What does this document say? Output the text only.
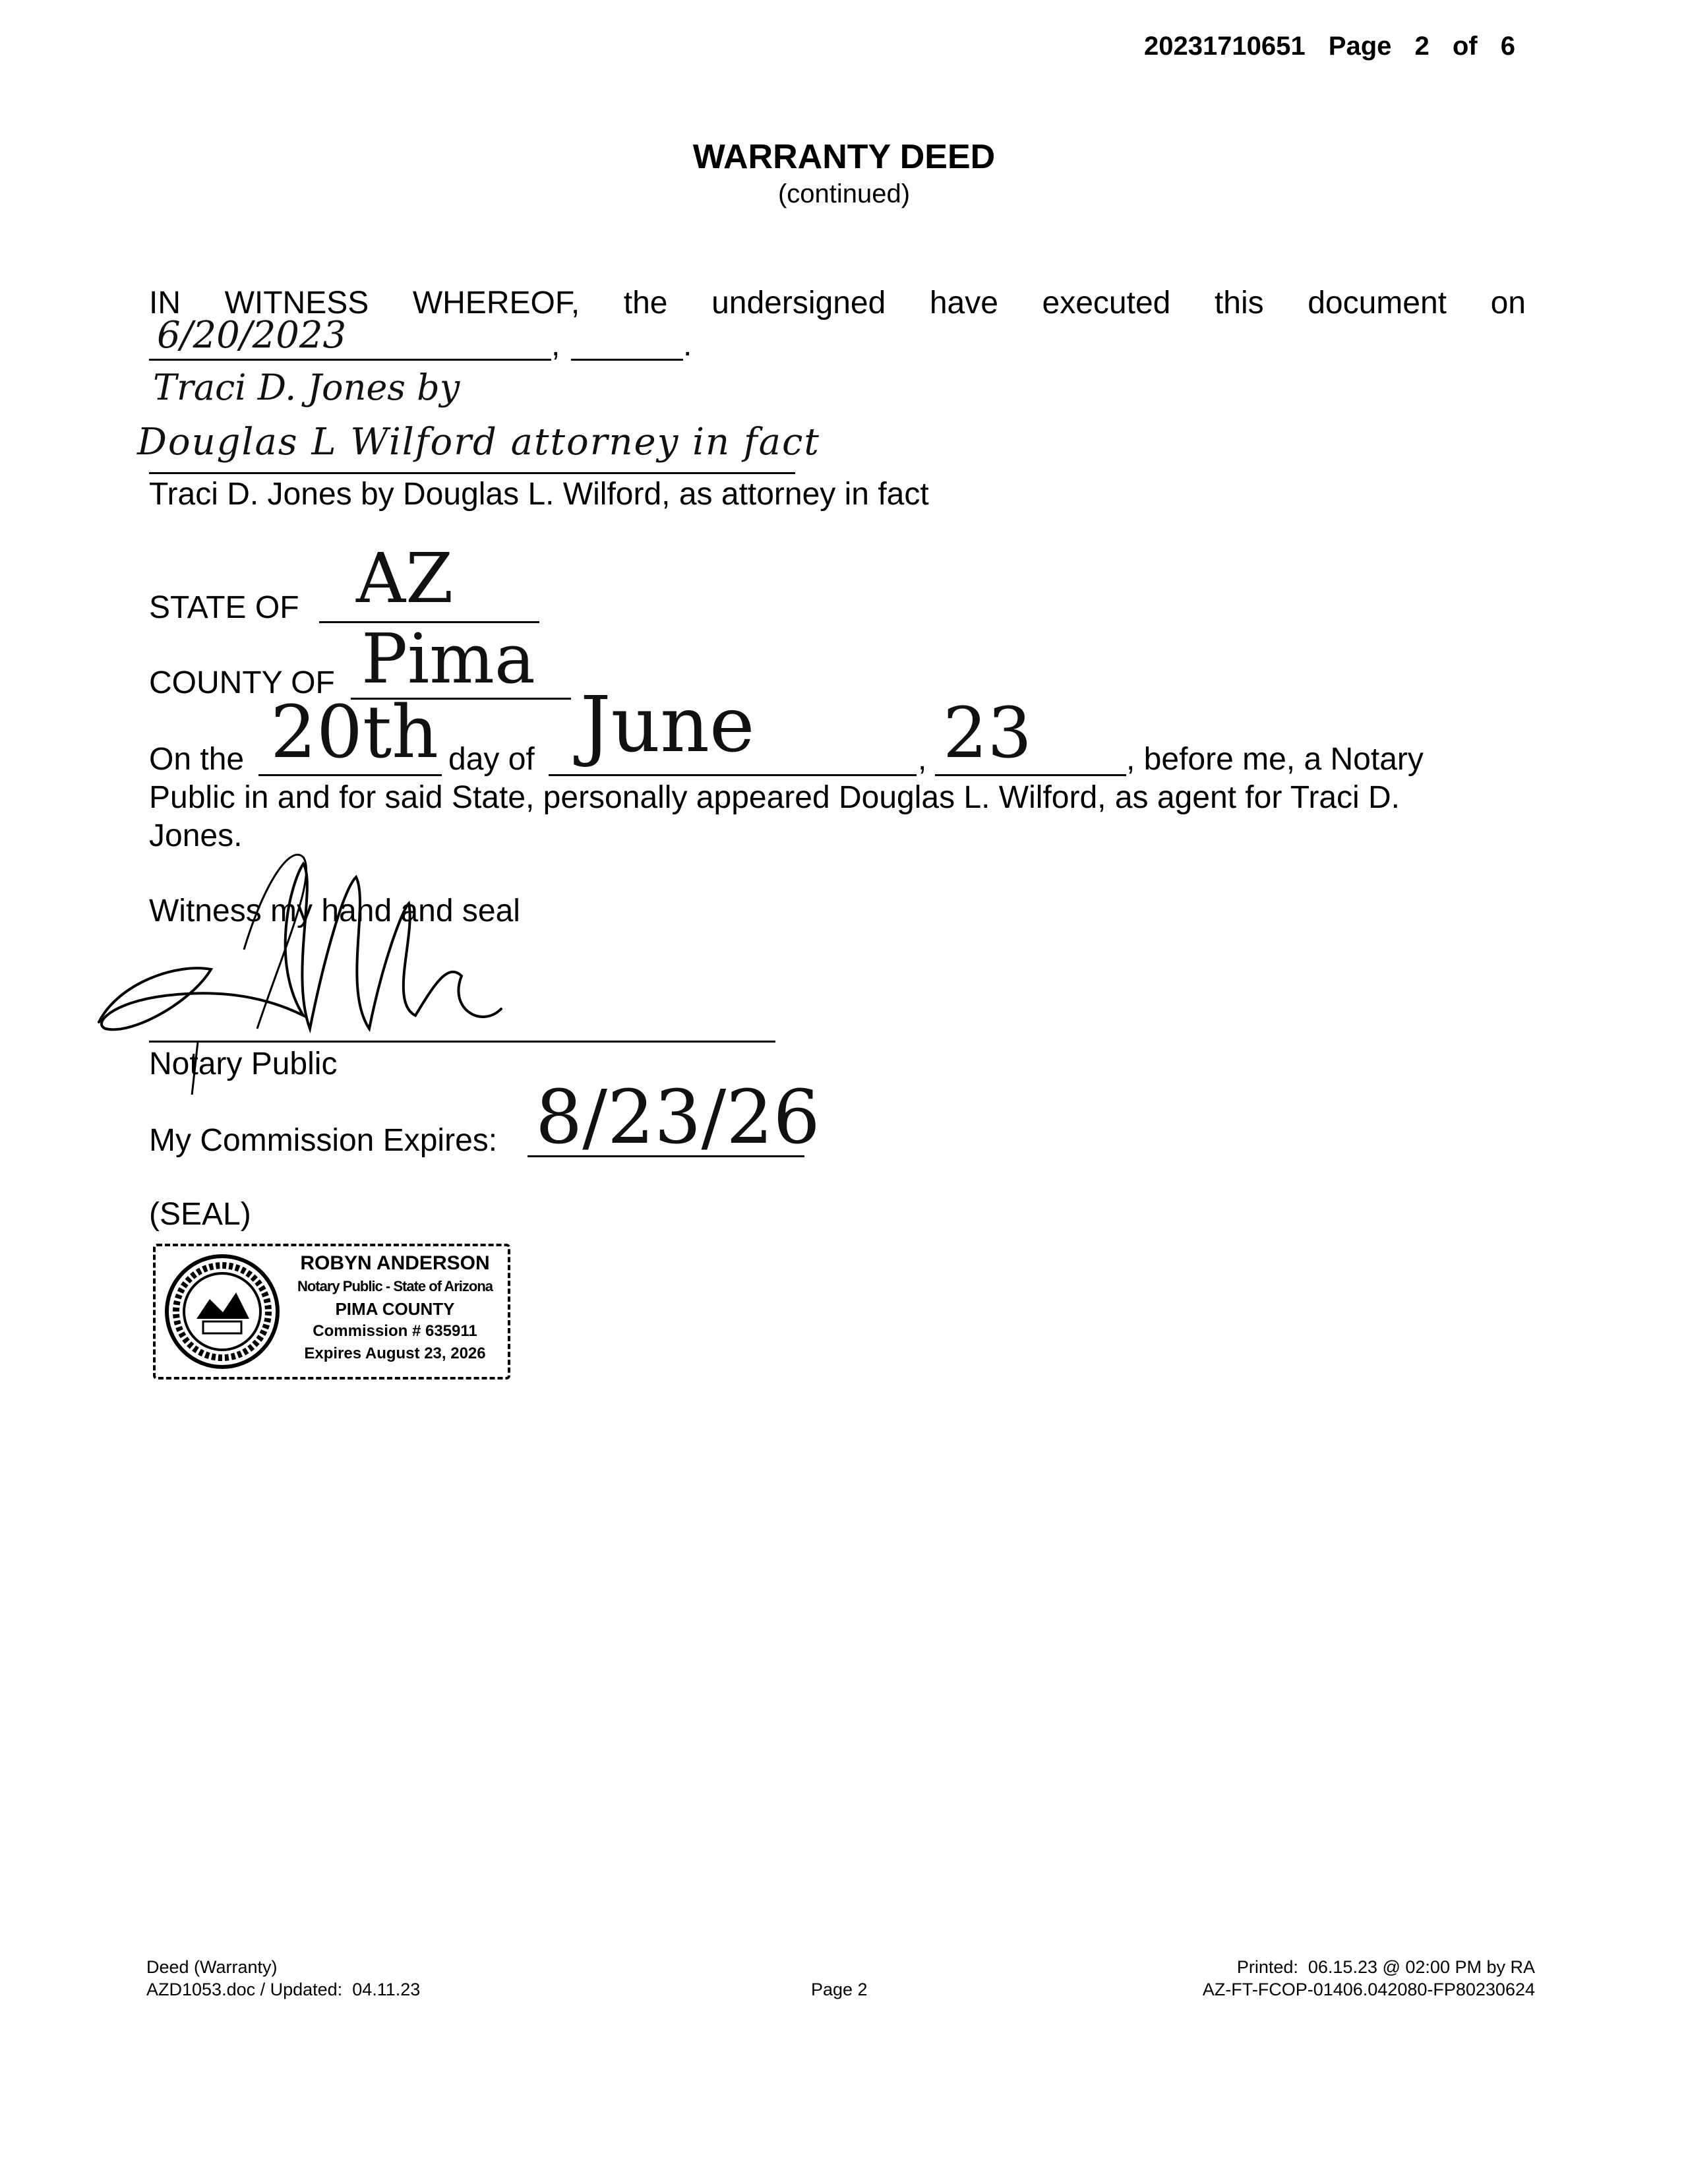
20231710651 Page 2 of 6
WARRANTY DEED
(continued)
IN WITNESS WHEREOF, the undersigned have executed this document on
6/20/2023	,	.
Traci D. Jones by
Douglas L Wilford attorney in fact
Traci D. Jones by Douglas L. Wilford, as attorney in fact
STATE OF AZ
COUNTY OF Pima
On the 20th day of June	, 23	, before me, a Notary
Public in and for said State, personally appeared Douglas L. Wilford, as agent for Traci D.
Jones.
Witness my hand and seal
Notary Public
My Commission Expires: 8/23/26
(SEAL)
ROBYN ANDERSON
Notary Public - State of Arizona
PIMA COUNTY
Commission # 635911
Expires August 23, 2026
Deed (Warranty)
AZD1053.doc / Updated:  04.11.23	Page 2
Printed:  06.15.23 @ 02:00 PM by RA
AZ-FT-FCOP-01406.042080-FP80230624
